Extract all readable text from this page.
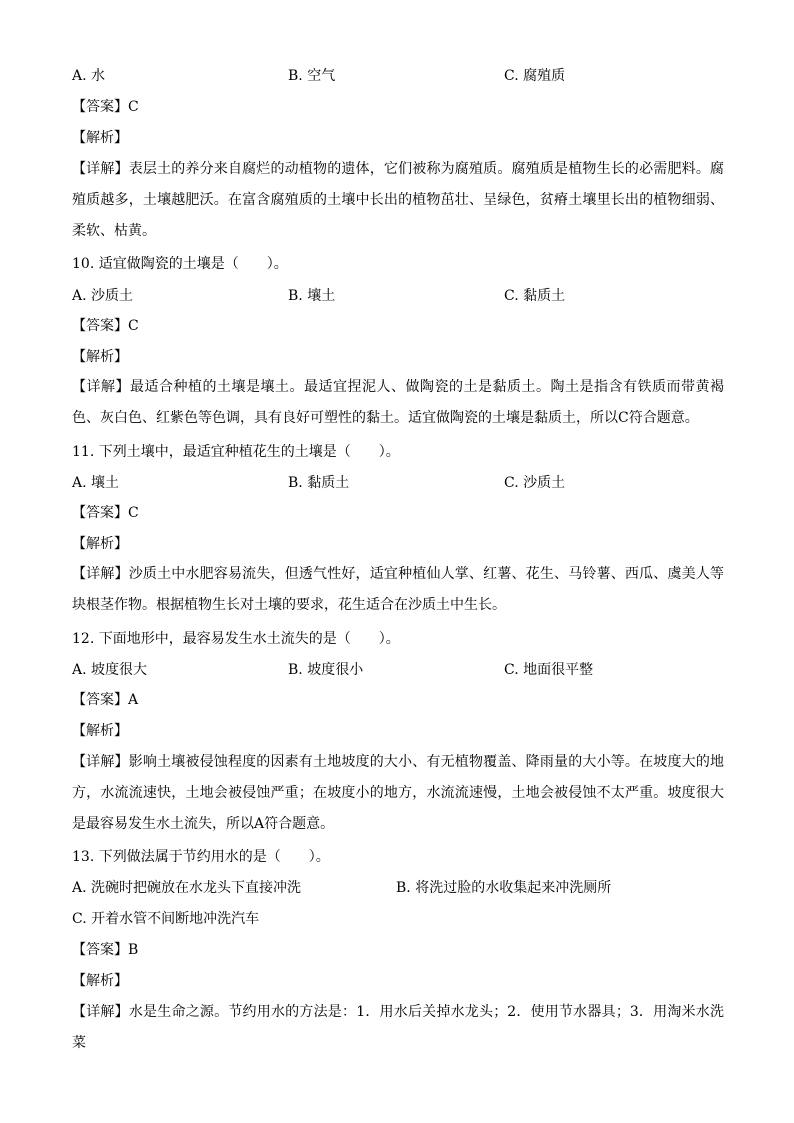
A. 水	B. 空气	C. 腐殖质
【答案】C
【解析】
【详解】表层土的养分来自腐烂的动植物的遗体，它们被称为腐殖质。腐殖质是植物生长的必需肥料。腐殖质越多，土壤越肥沃。在富含腐殖质的土壤中长出的植物茁壮、呈绿色，贫瘠土壤里长出的植物细弱、柔软、枯黄。
10. 适宜做陶瓷的土壤是（　　）。
A. 沙质土	B. 壤土	C. 黏质土
【答案】C
【解析】
【详解】最适合种植的土壤是壤土。最适宜捏泥人、做陶瓷的土是黏质土。陶土是指含有铁质而带黄褐色、灰白色、红紫色等色调，具有良好可塑性的黏土。适宜做陶瓷的土壤是黏质土，所以C符合题意。
11. 下列土壤中，最适宜种植花生的土壤是（　　）。
A. 壤土	B. 黏质土	C. 沙质土
【答案】C
【解析】
【详解】沙质土中水肥容易流失，但透气性好，适宜种植仙人掌、红薯、花生、马铃薯、西瓜、虞美人等块根茎作物。根据植物生长对土壤的要求，花生适合在沙质土中生长。
12. 下面地形中，最容易发生水土流失的是（　　）。
A. 坡度很大	B. 坡度很小	C. 地面很平整
【答案】A
【解析】
【详解】影响土壤被侵蚀程度的因素有土地坡度的大小、有无植物覆盖、降雨量的大小等。在坡度大的地方，水流流速快，土地会被侵蚀严重；在坡度小的地方，水流流速慢，土地会被侵蚀不太严重。坡度很大是最容易发生水土流失，所以A符合题意。
13. 下列做法属于节约用水的是（　　）。
A. 洗碗时把碗放在水龙头下直接冲洗	B. 将洗过脸的水收集起来冲洗厕所
C. 开着水管不间断地冲洗汽车
【答案】B
【解析】
【详解】水是生命之源。节约用水的方法是：1．用水后关掉水龙头；2．使用节水器具；3．用淘米水洗菜
